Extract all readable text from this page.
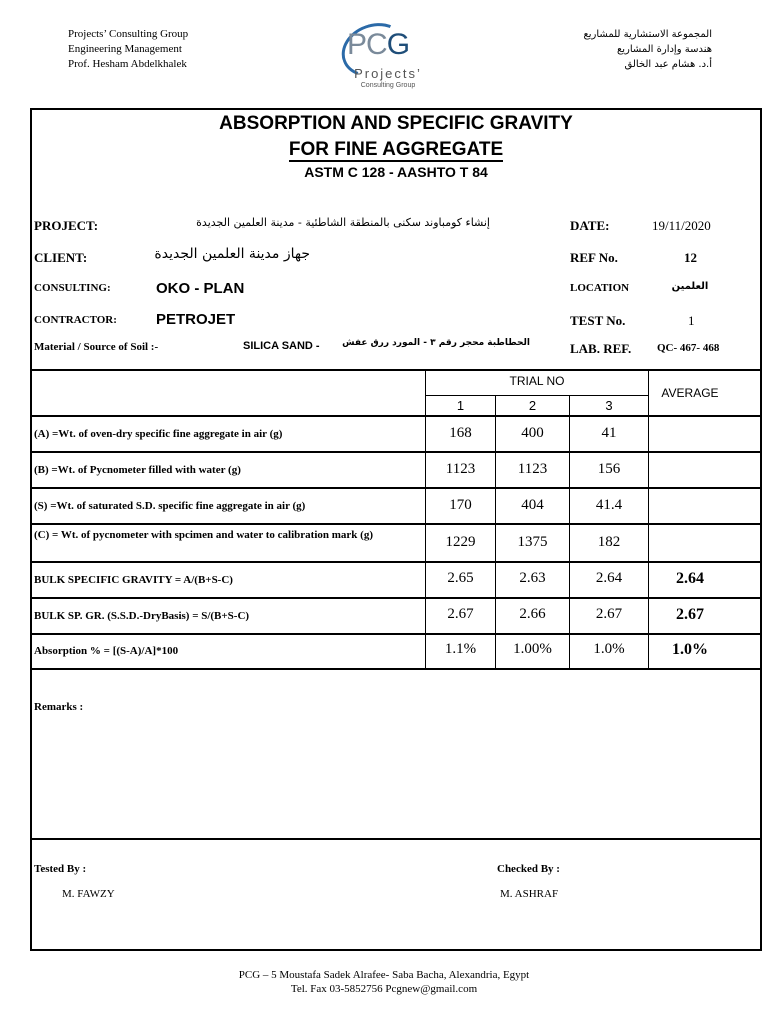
Projects’ Consulting Group
Engineering Management
Prof. Hesham Abdelkhalek
المجموعة الاستشارية للمشاريع
هندسة وإدارة المشاريع
أ.د. هشام عبد الخالق
PCG
Projects’
Consulting Group
ABSORPTION AND SPECIFIC GRAVITY
FOR FINE AGGREGATE
ASTM C 128 - AASHTO T 84
PROJECT:	إنشاء كومباوند سكنى بالمنطقة الشاطئية - مدينة العلمين الجديدة	DATE:	19/11/2020
CLIENT:	جهاز مدينة العلمين الجديدة	REF No.	12
CONSULTING:	OKO - PLAN	LOCATION	العلمين
CONTRACTOR:	PETROJET	TEST No.	1
Material / Source of Soil :-	SILICA SAND -	الحطاطبة محجر رقم ٣ - المورد ررق عفش	LAB. REF. QC- 467- 468
TRIAL NO
1	2	3
AVERAGE
(A) =Wt. of oven-dry specific fine aggregate in air (g)	168	400	41
(B) =Wt. of Pycnometer filled with water (g)	1123	1123	156
(S) =Wt. of saturated S.D. specific fine aggregate in air (g)	170	404	41.4
(C) = Wt. of pycnometer with spcimen and water to calibration mark (g)	1229	1375	182
BULK SPECIFIC GRAVITY = A/(B+S-C)	2.65	2.63	2.64	2.64
BULK SP. GR. (S.S.D.-DryBasis) = S/(B+S-C)	2.67	2.66	2.67	2.67
Absorption % = [(S-A)/A]*100	1.1%	1.00%	1.0%	1.0%
Remarks :
Tested By :
M. FAWZY
Checked By :
M. ASHRAF
PCG – 5 Moustafa Sadek Alrafee- Saba Bacha, Alexandria, Egypt
Tel. Fax 03-5852756 Pcgnew@gmail.com
